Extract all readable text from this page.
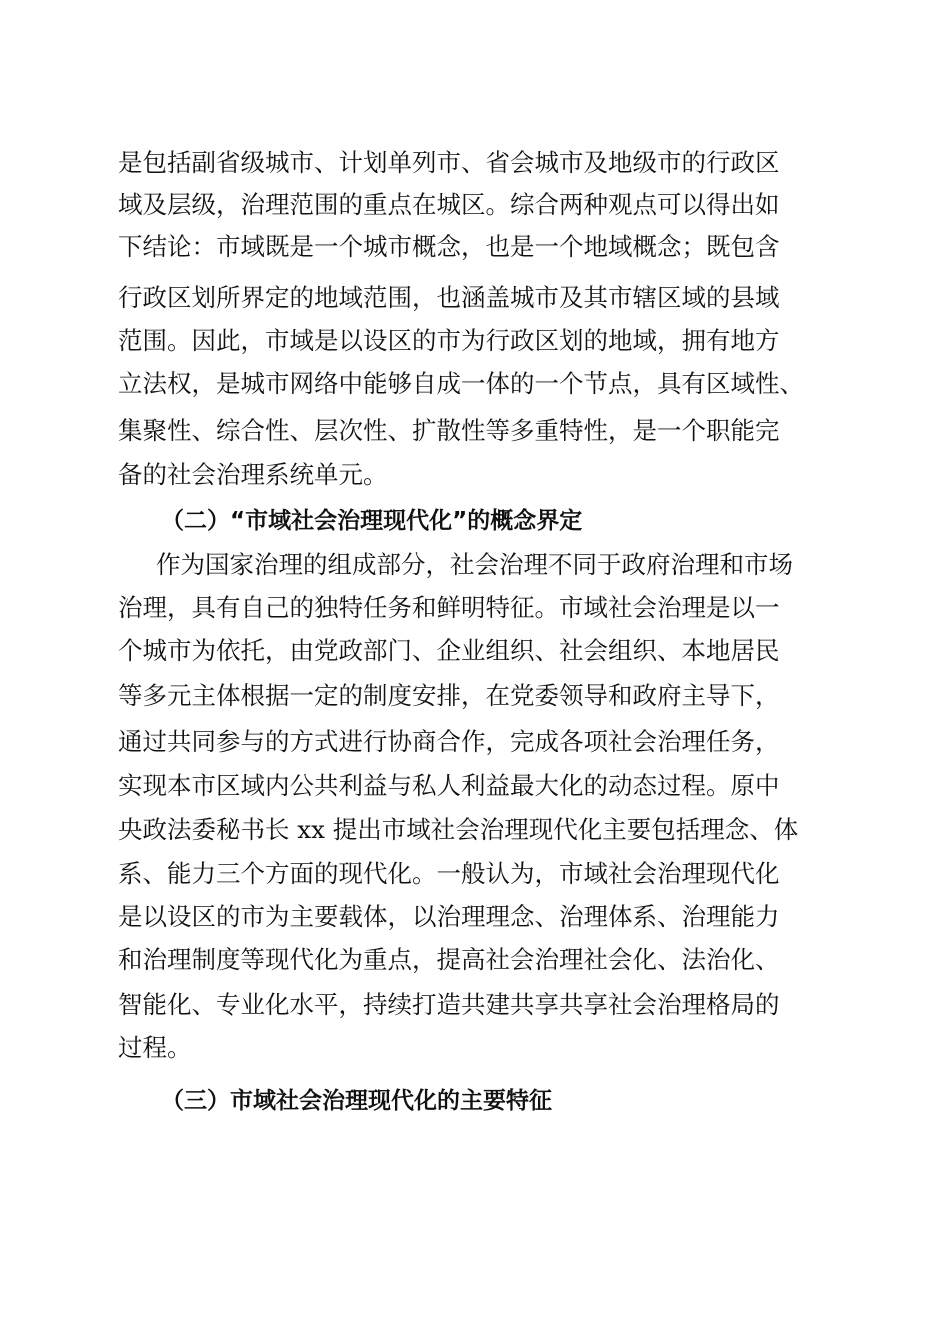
是包括副省级城市、计划单列市、省会城市及地级市的行政区
域及层级，治理范围的重点在城区。综合两种观点可以得出如
下结论：市域既是一个城市概念，也是一个地域概念；既包含
行政区划所界定的地域范围，也涵盖城市及其市辖区域的县域
范围。因此，市域是以设区的市为行政区划的地域，拥有地方
立法权，是城市网络中能够自成一体的一个节点，具有区域性、
集聚性、综合性、层次性、扩散性等多重特性，是一个职能完
备的社会治理系统单元。
（二）“市域社会治理现代化”的概念界定
作为国家治理的组成部分，社会治理不同于政府治理和市场
治理，具有自己的独特任务和鲜明特征。市域社会治理是以一
个城市为依托，由党政部门、企业组织、社会组织、本地居民
等多元主体根据一定的制度安排，在党委领导和政府主导下，
通过共同参与的方式进行协商合作，完成各项社会治理任务，
实现本市区域内公共利益与私人利益最大化的动态过程。原中
央政法委秘书长 xx 提出市域社会治理现代化主要包括理念、体
系、能力三个方面的现代化。一般认为，市域社会治理现代化
是以设区的市为主要载体，以治理理念、治理体系、治理能力
和治理制度等现代化为重点，提高社会治理社会化、法治化、
智能化、专业化水平，持续打造共建共享共享社会治理格局的
过程。
（三）市域社会治理现代化的主要特征
